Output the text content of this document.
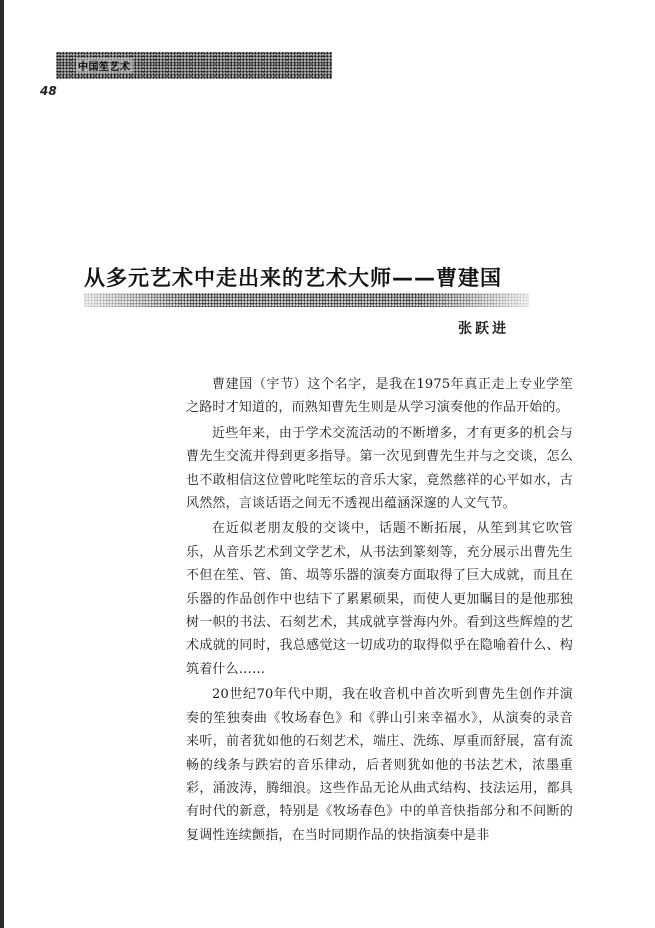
中国笙艺术
48
从多元艺术中走出来的艺术大师——曹建国
张跃进

曹建国（宇节）这个名字，是我在1975年真正走上专业学笙之路时才知道的，而熟知曹先生则是从学习演奏他的作品开始的。

近些年来，由于学术交流活动的不断增多，才有更多的机会与曹先生交流并得到更多指导。第一次见到曹先生并与之交谈，怎么也不敢相信这位曾叱咤笙坛的音乐大家，竟然慈祥的心平如水，古风然然，言谈话语之间无不透视出蕴涵深邃的人文气节。

在近似老朋友般的交谈中，话题不断拓展，从笙到其它吹管乐，从音乐艺术到文学艺术，从书法到篆刻等，充分展示出曹先生不但在笙、管、笛、埙等乐器的演奏方面取得了巨大成就，而且在乐器的作品创作中也结下了累累硕果，而使人更加瞩目的是他那独树一帜的书法、石刻艺术，其成就享誉海内外。看到这些辉煌的艺术成就的同时，我总感觉这一切成功的取得似乎在隐喻着什么、构筑着什么……

20世纪70年代中期，我在收音机中首次听到曹先生创作并演奏的笙独奏曲《牧场春色》和《骅山引来幸福水》，从演奏的录音来听，前者犹如他的石刻艺术，端庄、洗练、厚重而舒展，富有流畅的线条与跌宕的音乐律动，后者则犹如他的书法艺术，浓墨重彩，涌波涛，腾细浪。这些作品无论从曲式结构、技法运用，都具有时代的新意，特别是《牧场春色》中的单音快指部分和不间断的复调性连续颤指，在当时同期作品的快指演奏中是非
